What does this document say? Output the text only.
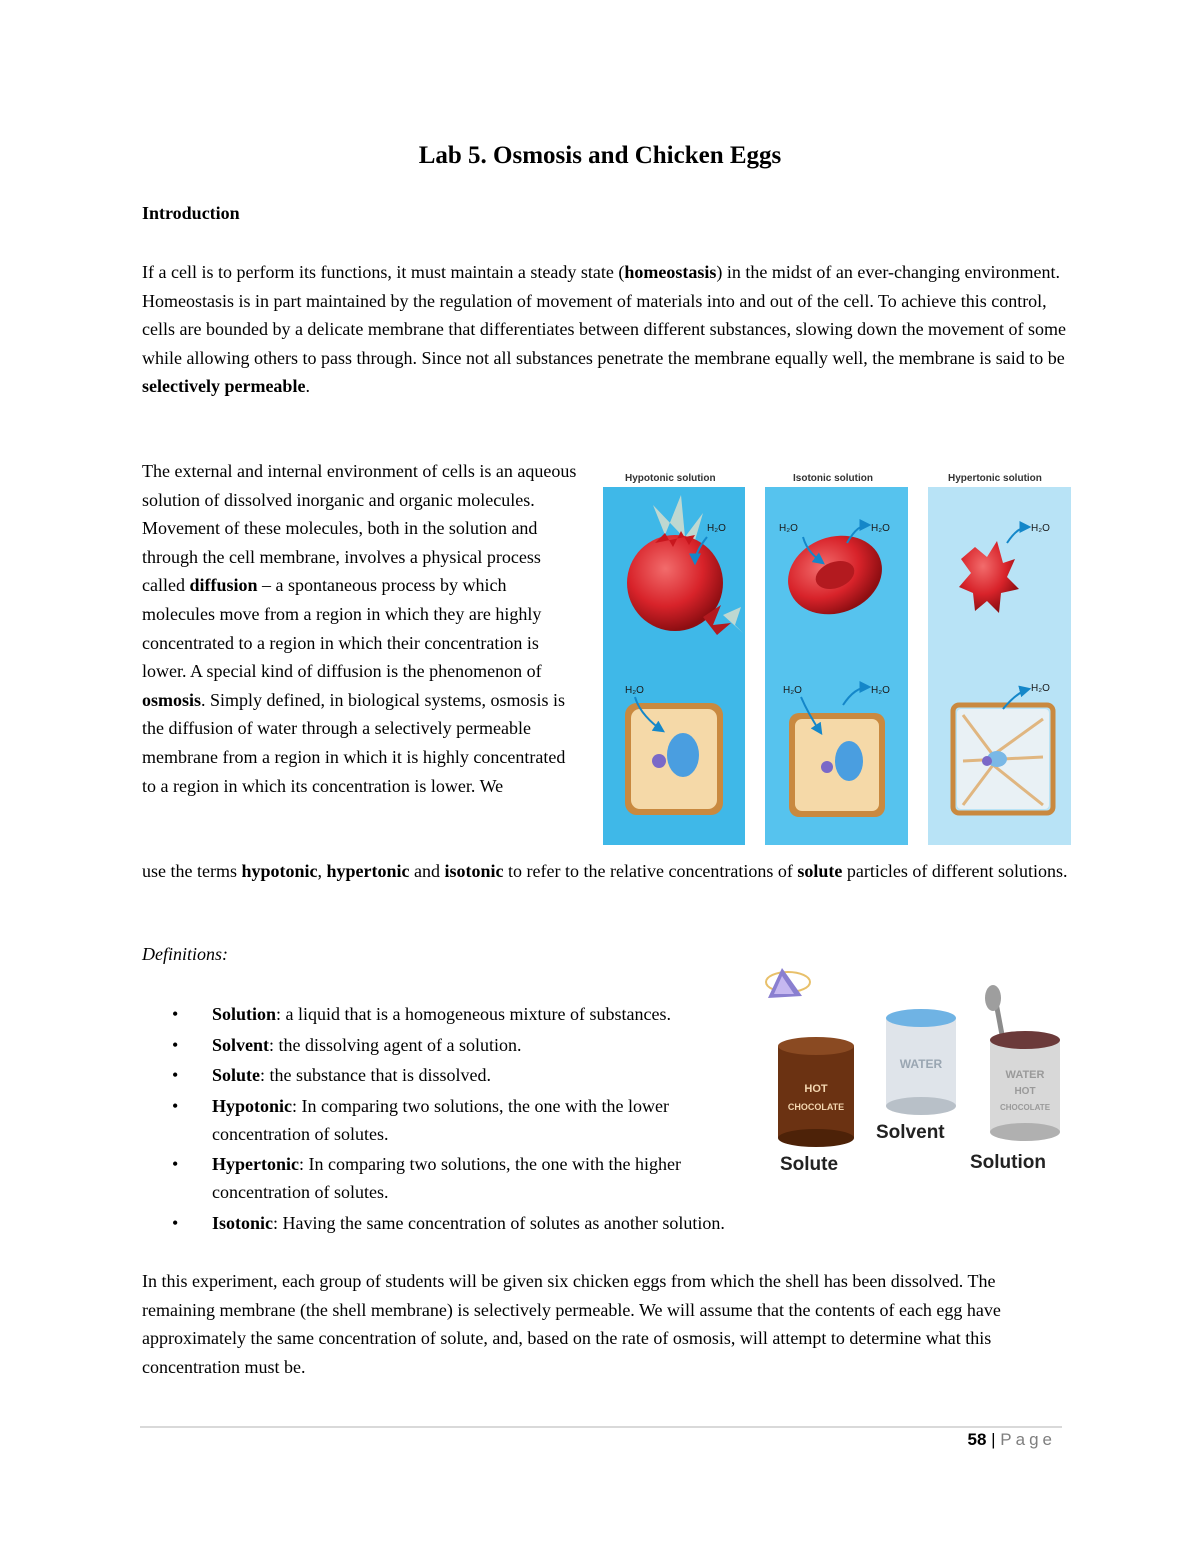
Lab 5. Osmosis and Chicken Eggs
Introduction
If a cell is to perform its functions, it must maintain a steady state (homeostasis) in the midst of an ever-changing environment. Homeostasis is in part maintained by the regulation of movement of materials into and out of the cell. To achieve this control, cells are bounded by a delicate membrane that differentiates between different substances, slowing down the movement of some while allowing others to pass through. Since not all substances penetrate the membrane equally well, the membrane is said to be selectively permeable.
The external and internal environment of cells is an aqueous solution of dissolved inorganic and organic molecules. Movement of these molecules, both in the solution and through the cell membrane, involves a physical process called diffusion – a spontaneous process by which molecules move from a region in which they are highly concentrated to a region in which their concentration is lower. A special kind of diffusion is the phenomenon of osmosis. Simply defined, in biological systems, osmosis is the diffusion of water through a selectively permeable membrane from a region in which it is highly concentrated to a region in which its concentration is lower. We
use the terms hypotonic, hypertonic and isotonic to refer to the relative concentrations of solute particles of different solutions.
Hypotonic solution	Isotonic solution	Hypertonic solution
H₂O
H₂O
H₂O	H₂O
H₂O	H₂O
H₂O
H₂O
Definitions:
• Solution: a liquid that is a homogeneous mixture of substances.
• Solvent: the dissolving agent of a solution.
• Solute: the substance that is dissolved.
• Hypotonic: In comparing two solutions, the one with the lower concentration of solutes.
• Hypertonic: In comparing two solutions, the one with the higher concentration of solutes.
• Isotonic: Having the same concentration of solutes as another solution.
HOT
CHOCOLATE
WATER
WATER
HOT
CHOCOLATE
Solute
Solvent
Solution
In this experiment, each group of students will be given six chicken eggs from which the shell has been dissolved. The remaining membrane (the shell membrane) is selectively permeable. We will assume that the contents of each egg have approximately the same concentration of solute, and, based on the rate of osmosis, will attempt to determine what this concentration must be.
58 | Page
